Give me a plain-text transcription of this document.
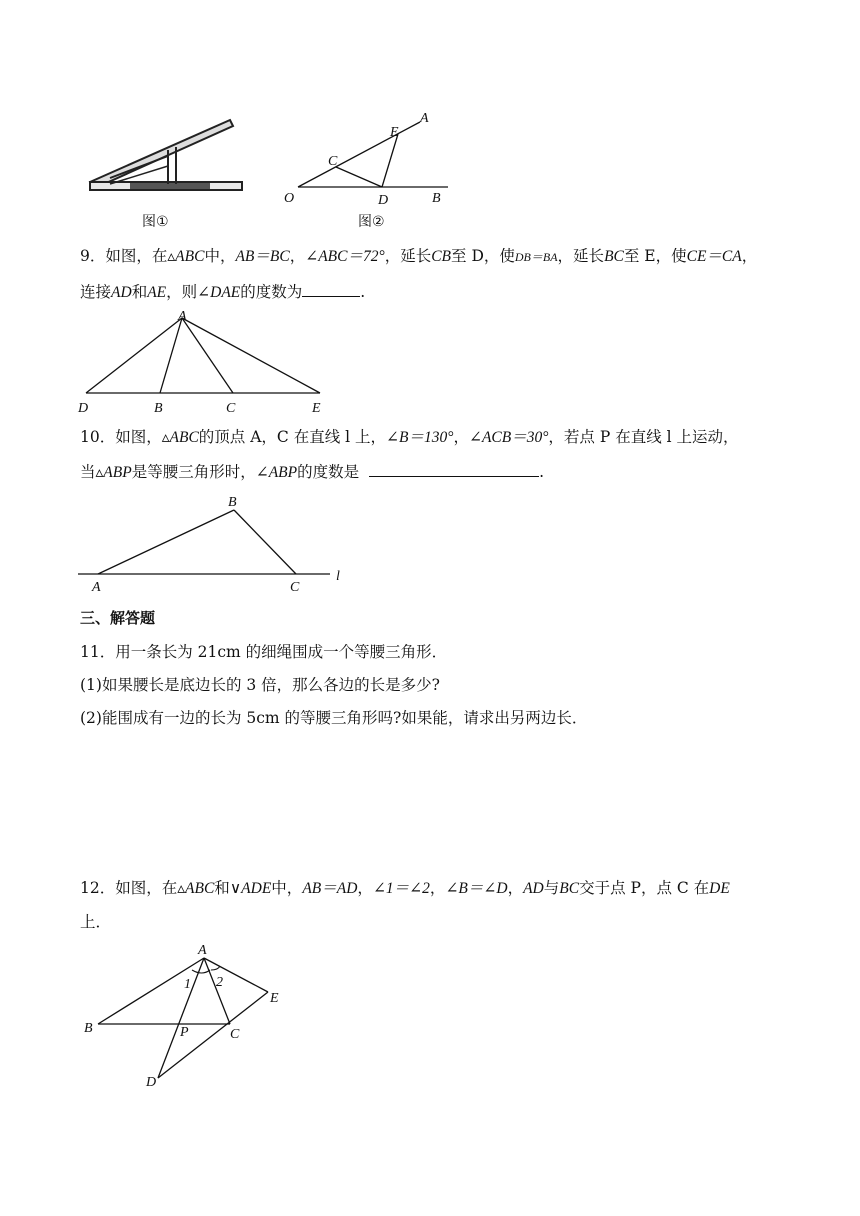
图①
A
E
C
O	D	B
图②
9．如图，在▵ABC中，AB＝BC，∠ABC＝72°，延长CB至 D，使DB＝BA，延长BC至 E，使CE＝CA，
连接AD和AE，则∠DAE的度数为	.
A
D	B	C	E
10．如图，▵ABC的顶点 A，C 在直线 l 上，∠B＝130°，∠ACB＝30°，若点 P 在直线 l 上运动，
当▵ABP是等腰三角形时，∠ABP的度数是	.
B
A	C
l
三、解答题
11．用一条长为 21cm 的细绳围成一个等腰三角形．
(1)如果腰长是底边长的 3 倍，那么各边的长是多少?
(2)能围成有一边的长为 5cm 的等腰三角形吗?如果能，请求出另两边长．
12．如图，在▵ABC和∨ADE中，AB＝AD，∠1＝∠2，∠B＝∠D，AD与BC交于点 P，点 C 在DE
上．
A
B	P	C
E
D
1 2
